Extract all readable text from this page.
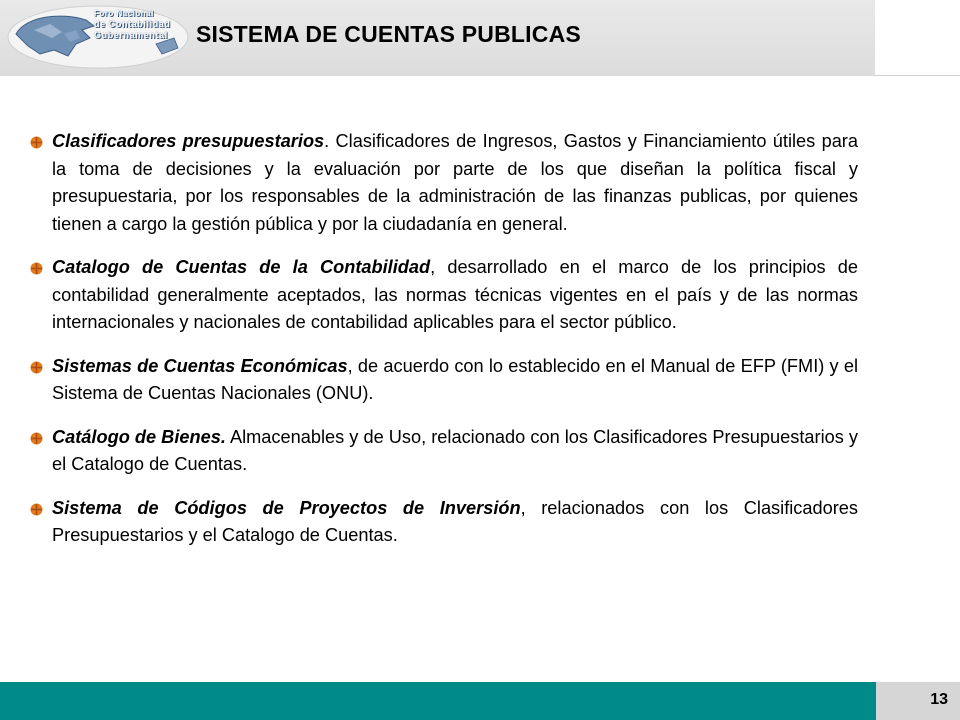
Foro Nacional
de Contabilidad
Gubernamental SISTEMA DE CUENTAS PUBLICAS
Clasificadores presupuestarios. Clasificadores de Ingresos, Gastos y Financiamiento útiles para la toma de decisiones y la evaluación por parte de los que diseñan la política fiscal y presupuestaria, por los responsables de la administración de las finanzas publicas, por quienes tienen a cargo la gestión pública y por la ciudadanía en general.
Catalogo de Cuentas de la Contabilidad, desarrollado en el marco de los principios de contabilidad generalmente aceptados, las normas técnicas vigentes en el país y de las normas internacionales y nacionales de contabilidad aplicables para el sector público.
Sistemas de Cuentas Económicas, de acuerdo con lo establecido en el Manual de EFP (FMI) y el Sistema de Cuentas Nacionales (ONU).
Catálogo de Bienes. Almacenables y de Uso, relacionado con los Clasificadores Presupuestarios y el Catalogo de Cuentas.
Sistema de Códigos de Proyectos de Inversión, relacionados con los Clasificadores Presupuestarios y el Catalogo de Cuentas.
13
